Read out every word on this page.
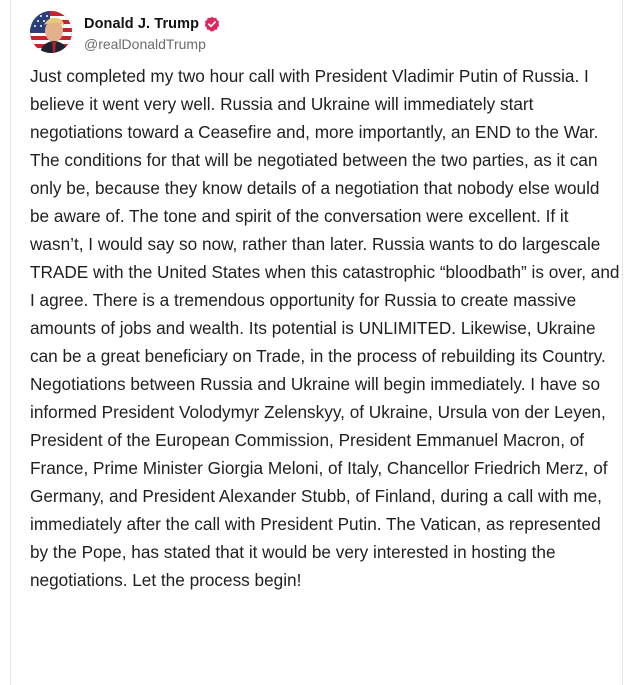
Donald J. Trump
@realDonaldTrump
Just completed my two hour call with President Vladimir Putin of Russia. I believe it went very well. Russia and Ukraine will immediately start negotiations toward a Ceasefire and, more importantly, an END to the War. The conditions for that will be negotiated between the two parties, as it can only be, because they know details of a negotiation that nobody else would be aware of. The tone and spirit of the conversation were excellent. If it wasn’t, I would say so now, rather than later. Russia wants to do largescale TRADE with the United States when this catastrophic “bloodbath” is over, and I agree. There is a tremendous opportunity for Russia to create massive amounts of jobs and wealth. Its potential is UNLIMITED. Likewise, Ukraine can be a great beneficiary on Trade, in the process of rebuilding its Country. Negotiations between Russia and Ukraine will begin immediately. I have so informed President Volodymyr Zelenskyy, of Ukraine, Ursula von der Leyen, President of the European Commission, President Emmanuel Macron, of France, Prime Minister Giorgia Meloni, of Italy, Chancellor Friedrich Merz, of Germany, and President Alexander Stubb, of Finland, during a call with me, immediately after the call with President Putin. The Vatican, as represented by the Pope, has stated that it would be very interested in hosting the negotiations. Let the process begin!
